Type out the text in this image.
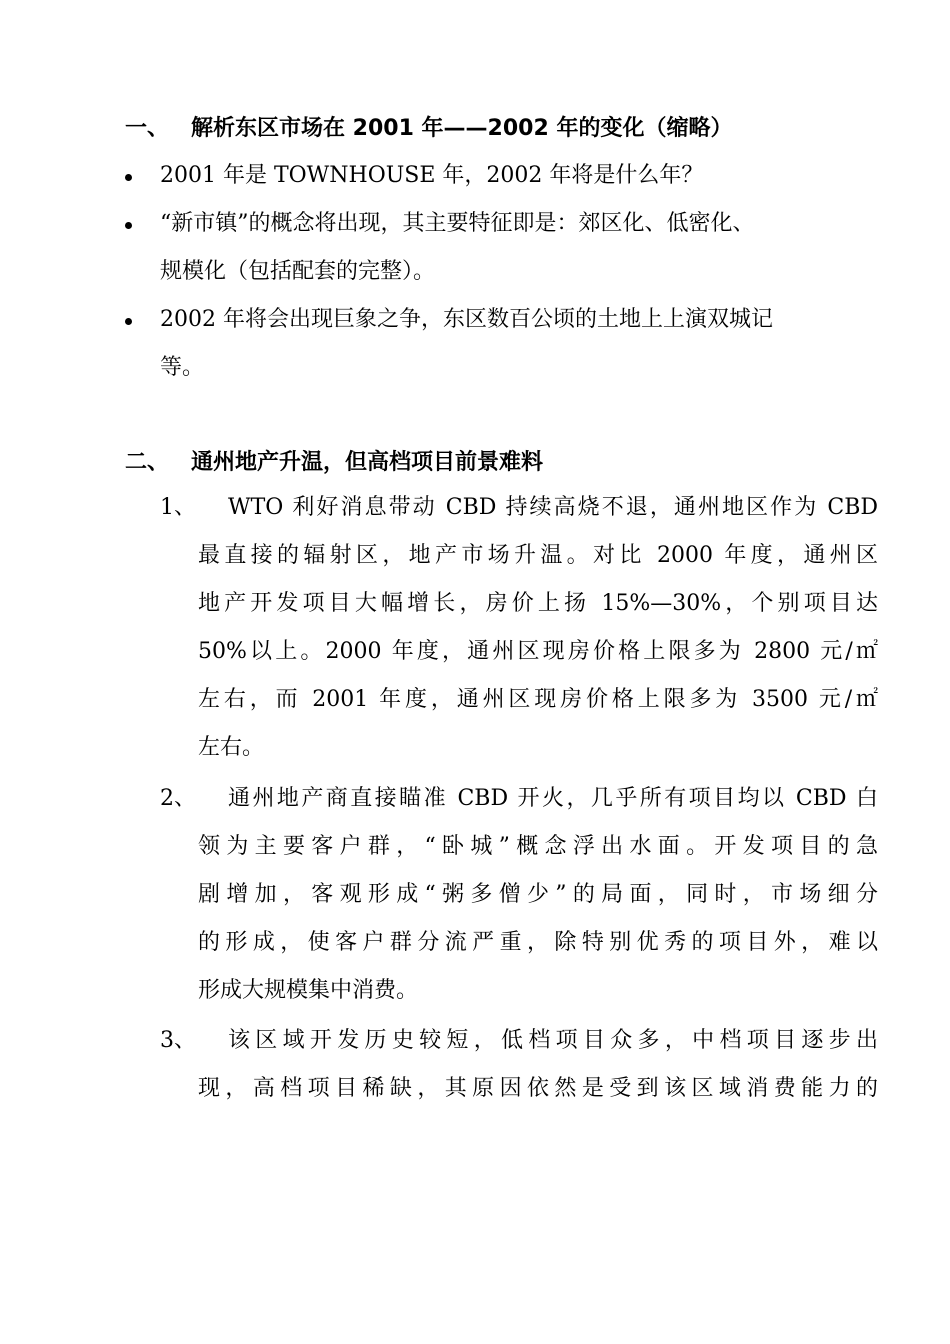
一、 解析东区市场在 2001 年——2002 年的变化（缩略）
2001 年是 TOWNHOUSE 年，2002 年将是什么年？
“新市镇”的概念将出现，其主要特征即是：郊区化、低密化、
规模化（包括配套的完整）。
2002 年将会出现巨象之争，东区数百公顷的土地上上演双城记
等。
二、 通州地产升温，但高档项目前景难料
1、	WTO 利好消息带动 CBD 持续高烧不退，通州地区作为 CBD
最直接的辐射区，地产市场升温。对比 2000 年度，通州区
地产开发项目大幅增长，房价上扬 15%—30%，个别项目达
50%以上。2000 年度，通州区现房价格上限多为 2800 元/㎡
左右，而 2001 年度，通州区现房价格上限多为 3500 元/㎡
左右。
2、	通州地产商直接瞄准 CBD 开火，几乎所有项目均以 CBD 白
领为主要客户群，“卧城”概念浮出水面。开发项目的急
剧增加，客观形成“粥多僧少”的局面，同时，市场细分
的形成，使客户群分流严重，除特别优秀的项目外，难以
形成大规模集中消费。
3、	该区域开发历史较短，低档项目众多，中档项目逐步出
现，高档项目稀缺，其原因依然是受到该区域消费能力的
